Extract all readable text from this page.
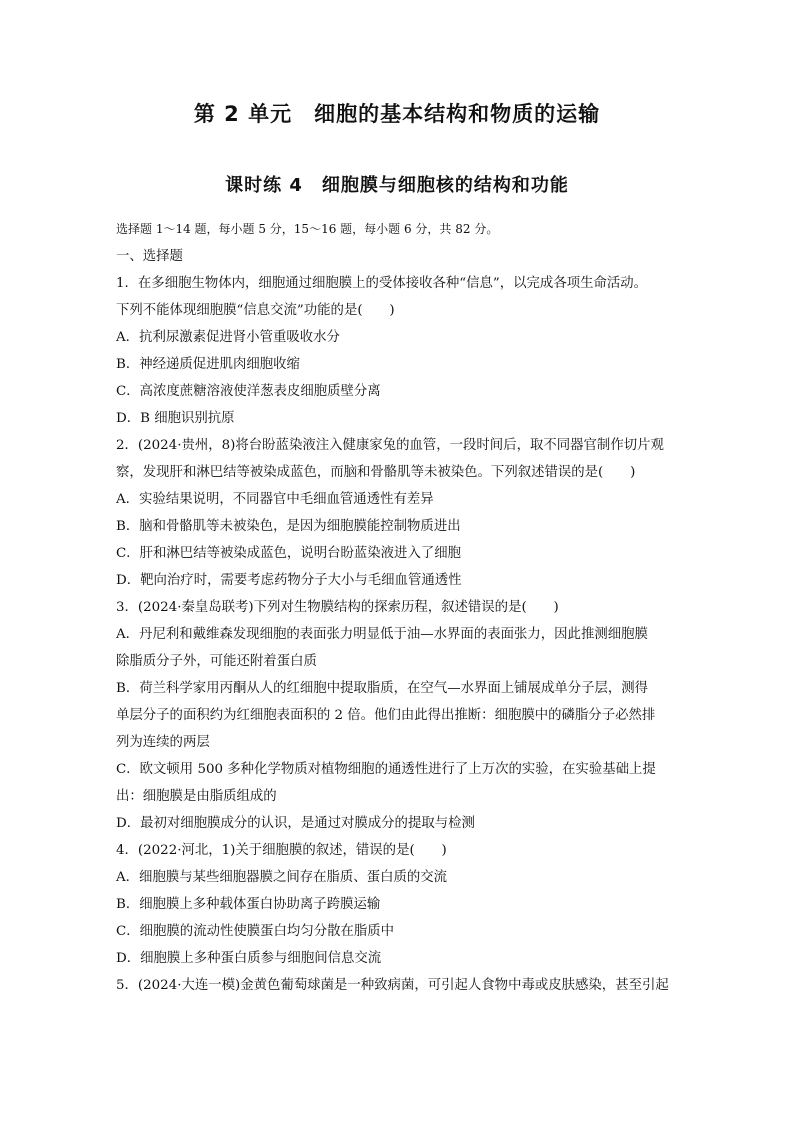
第 2 单元　细胞的基本结构和物质的运输
课时练 4　细胞膜与细胞核的结构和功能
选择题 1～14 题，每小题 5 分，15～16 题，每小题 6 分，共 82 分。
一、选择题
1．在多细胞生物体内，细胞通过细胞膜上的受体接收各种“信息”，以完成各项生命活动。
下列不能体现细胞膜“信息交流”功能的是(　　)
A．抗利尿激素促进肾小管重吸收水分
B．神经递质促进肌肉细胞收缩
C．高浓度蔗糖溶液使洋葱表皮细胞质壁分离
D．B 细胞识别抗原
2．(2024·贵州，8)将台盼蓝染液注入健康家兔的血管，一段时间后，取不同器官制作切片观
察，发现肝和淋巴结等被染成蓝色，而脑和骨骼肌等未被染色。下列叙述错误的是(　　)
A．实验结果说明，不同器官中毛细血管通透性有差异
B．脑和骨骼肌等未被染色，是因为细胞膜能控制物质进出
C．肝和淋巴结等被染成蓝色，说明台盼蓝染液进入了细胞
D．靶向治疗时，需要考虑药物分子大小与毛细血管通透性
3．(2024·秦皇岛联考)下列对生物膜结构的探索历程，叙述错误的是(　　)
A．丹尼利和戴维森发现细胞的表面张力明显低于油—水界面的表面张力，因此推测细胞膜
除脂质分子外，可能还附着蛋白质
B．荷兰科学家用丙酮从人的红细胞中提取脂质，在空气—水界面上铺展成单分子层，测得
单层分子的面积约为红细胞表面积的 2 倍。他们由此得出推断：细胞膜中的磷脂分子必然排
列为连续的两层
C．欧文顿用 500 多种化学物质对植物细胞的通透性进行了上万次的实验，在实验基础上提
出：细胞膜是由脂质组成的
D．最初对细胞膜成分的认识，是通过对膜成分的提取与检测
4．(2022·河北，1)关于细胞膜的叙述，错误的是(　　)
A．细胞膜与某些细胞器膜之间存在脂质、蛋白质的交流
B．细胞膜上多种载体蛋白协助离子跨膜运输
C．细胞膜的流动性使膜蛋白均匀分散在脂质中
D．细胞膜上多种蛋白质参与细胞间信息交流
5．(2024·大连一模)金黄色葡萄球菌是一种致病菌，可引起人食物中毒或皮肤感染，甚至引起
